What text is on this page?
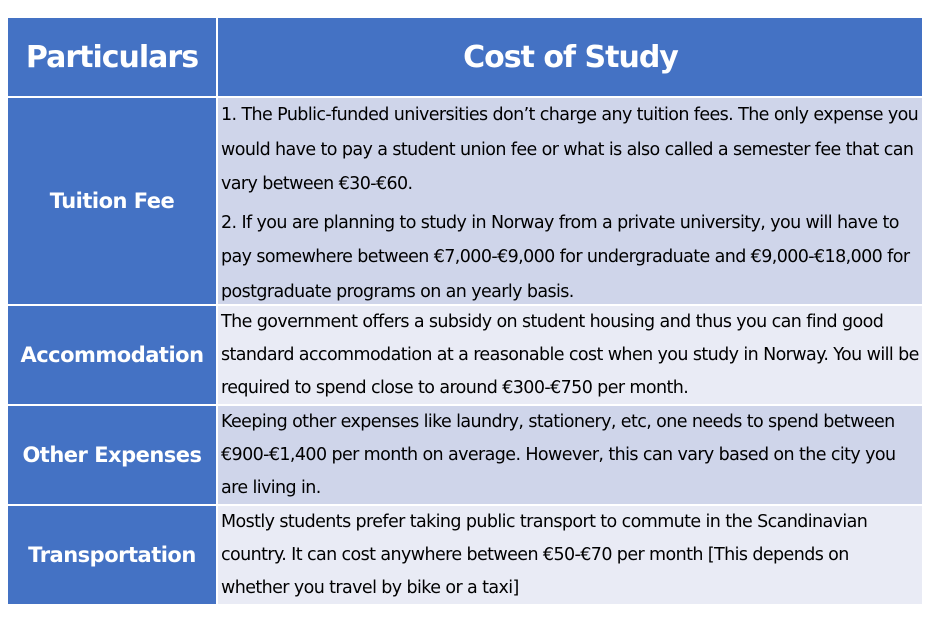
Particulars	Cost of Study
Tuition Fee

1. The Public-funded universities don’t charge any tuition fees. The only expense you would have to pay a student union fee or what is also called a semester fee that can vary between €30-€60.

2. If you are planning to study in Norway from a private university, you will have to pay somewhere between €7,000-€9,000 for undergraduate and €9,000-€18,000 for postgraduate programs on an yearly basis.

Accommodation

The government offers a subsidy on student housing and thus you can find good standard accommodation at a reasonable cost when you study in Norway. You will be required to spend close to around €300-€750 per month.

Other Expenses

Keeping other expenses like laundry, stationery, etc, one needs to spend between €900-€1,400 per month on average. However, this can vary based on the city you are living in.

Transportation

Mostly students prefer taking public transport to commute in the Scandinavian country. It can cost anywhere between €50-€70 per month [This depends on whether you travel by bike or a taxi]
